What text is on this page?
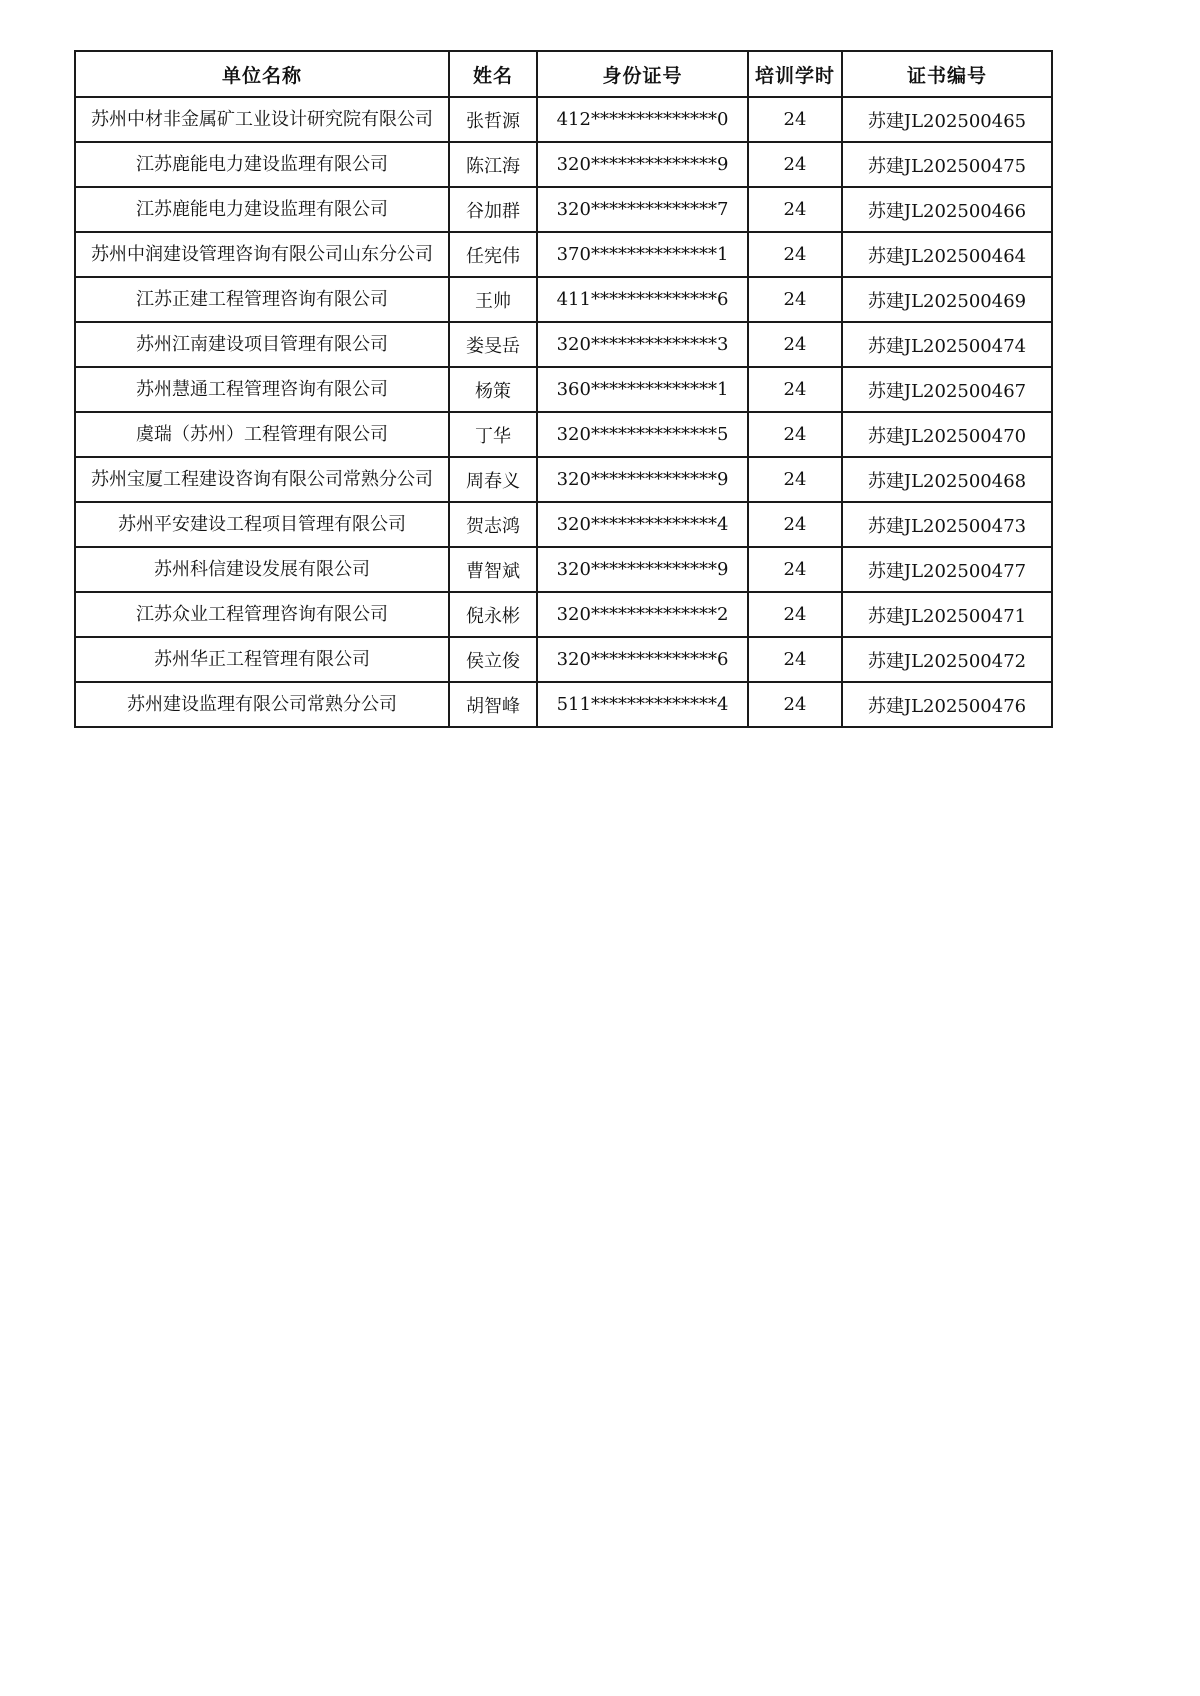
单位名称	姓名	身份证号	培训学时	证书编号

苏州中材非金属矿工业设计研究院有限公司	张哲源	412**************0	24	苏建JL202500465

江苏鹿能电力建设监理有限公司	陈江海	320**************9	24	苏建JL202500475

江苏鹿能电力建设监理有限公司	谷加群	320**************7	24	苏建JL202500466

苏州中润建设管理咨询有限公司山东分公司	任宪伟	370**************1	24	苏建JL202500464

江苏正建工程管理咨询有限公司	王帅	411**************6	24	苏建JL202500469

苏州江南建设项目管理有限公司	娄旻岳	320**************3	24	苏建JL202500474

苏州慧通工程管理咨询有限公司	杨策	360**************1	24	苏建JL202500467

虞瑞（苏州）工程管理有限公司	丁华	320**************5	24	苏建JL202500470

苏州宝厦工程建设咨询有限公司常熟分公司	周春义	320**************9	24	苏建JL202500468

苏州平安建设工程项目管理有限公司	贺志鸿	320**************4	24	苏建JL202500473

苏州科信建设发展有限公司	曹智斌	320**************9	24	苏建JL202500477

江苏众业工程管理咨询有限公司	倪永彬	320**************2	24	苏建JL202500471

苏州华正工程管理有限公司	侯立俊	320**************6	24	苏建JL202500472

苏州建设监理有限公司常熟分公司	胡智峰	511**************4	24	苏建JL202500476
